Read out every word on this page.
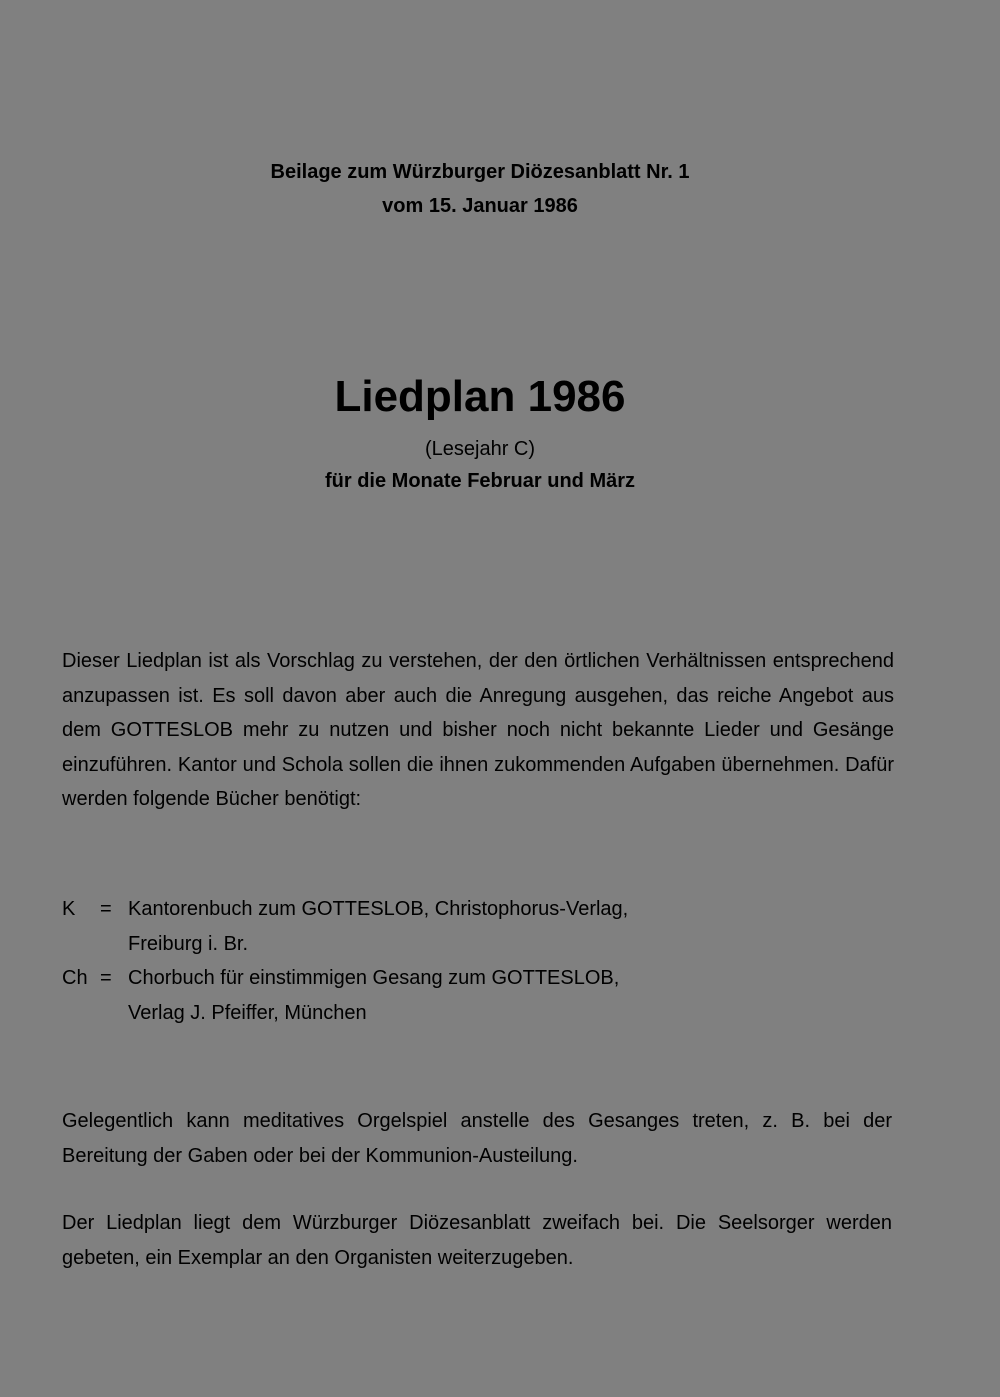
Beilage zum Würzburger Diözesanblatt Nr. 1
vom 15. Januar 1986
Liedplan 1986
(Lesejahr C)
für die Monate Februar und März

Dieser Liedplan ist als Vorschlag zu verstehen, der den örtlichen Verhältnissen entsprechend anzupassen ist. Es soll davon aber auch die Anregung ausgehen, das reiche Angebot aus dem GOTTESLOB mehr zu nutzen und bisher noch nicht bekannte Lieder und Gesänge einzuführen. Kantor und Schola sollen die ihnen zukommenden Aufgaben übernehmen. Dafür werden folgende Bücher benötigt:

K	= Kantorenbuch zum GOTTESLOB, Christophorus-Verlag,
Freiburg i. Br.
Ch = Chorbuch für einstimmigen Gesang zum GOTTESLOB,
Verlag J. Pfeiffer, München

Gelegentlich kann meditatives Orgelspiel anstelle des Gesanges treten, z. B. bei der Bereitung der Gaben oder bei der Kommunion-Austeilung.

Der Liedplan liegt dem Würzburger Diözesanblatt zweifach bei. Die Seelsorger werden gebeten, ein Exemplar an den Organisten weiterzugeben.
